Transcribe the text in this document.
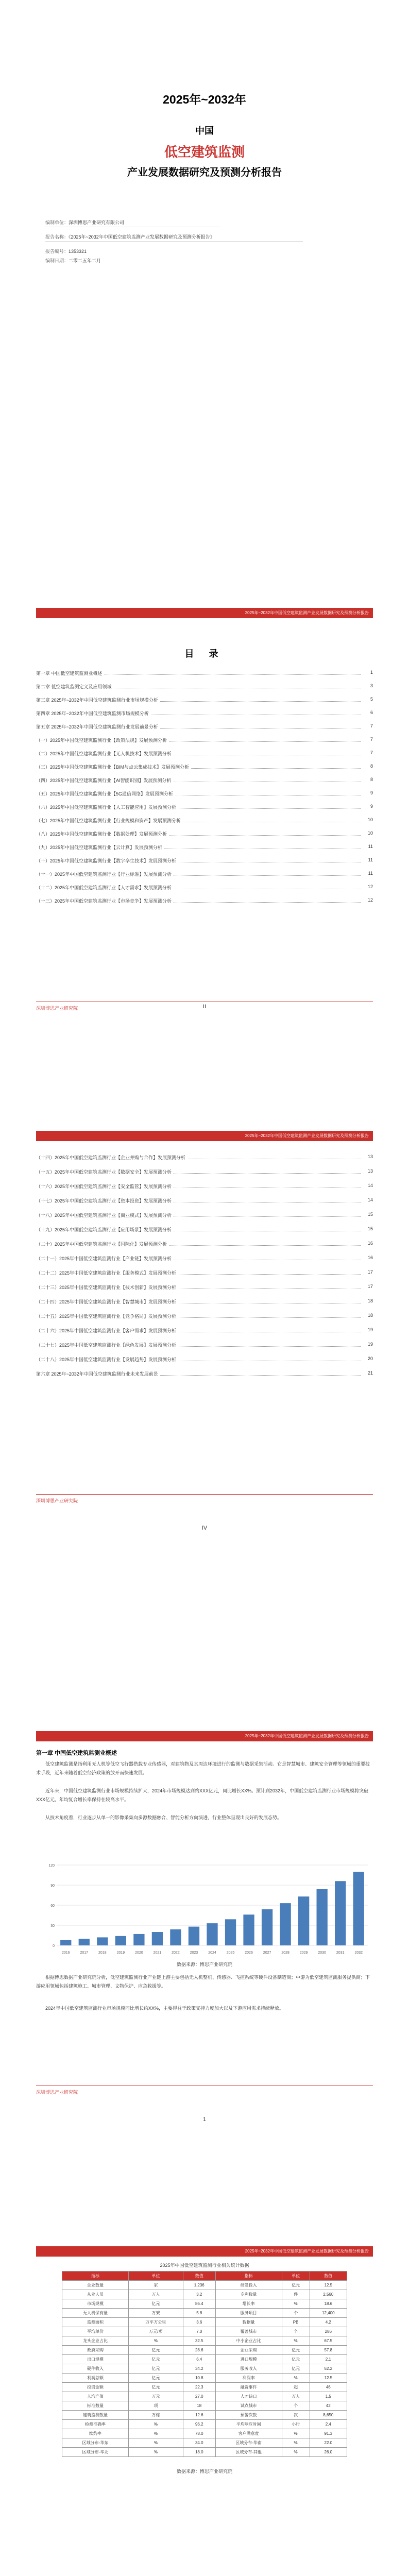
2025年~2032年
中国
低空建筑监测
产业发展数据研究及预测分析报告
编制单位：深圳博思产业研究有限公司
报告名称：《2025年~2032年中国低空建筑监测产业发展数据研究及预测分析报告》
报告编号：1353321
编制日期：二零二五年二月
2025年~2032年中国低空建筑监测产业发展数据研究及预测分析报告
目 录
第一章 中国低空建筑监测业概述	1
第二章 低空建筑监测定义及应用领域	3
第三章 2025年~2032年中国低空建筑监测行业市场规模分析	5
第四章 2025年~2032年中国低空建筑监测市场规模分析	6
第五章 2025年~2032年中国低空建筑监测行业发展前景分析	7
（一）2025年中国低空建筑监测行业【政策法规】发展预测分析	7
（二）2025年中国低空建筑监测行业【无人机技术】发展预测分析	7
（三）2025年中国低空建筑监测行业【BIM与点云集成技术】发展预测分析	8
（四）2025年中国低空建筑监测行业【AI智能识别】发展预测分析	8
（五）2025年中国低空建筑监测行业【5G通信网络】发展预测分析	9
（六）2025年中国低空建筑监测行业【人工智能应用】发展预测分析	9
（七）2025年中国低空建筑监测行业【行业规模和资产】发展预测分析	10
（八）2025年中国低空建筑监测行业【数据处理】发展预测分析	10
（九）2025年中国低空建筑监测行业【云计算】发展预测分析	11
（十）2025年中国低空建筑监测行业【数字孪生技术】发展预测分析	11
（十一）2025年中国低空建筑监测行业【行业标准】发展预测分析	11
（十二）2025年中国低空建筑监测行业【人才需求】发展预测分析	12
（十三）2025年中国低空建筑监测行业【市场竞争】发展预测分析	12
深圳博思产业研究院	II
2025年~2032年中国低空建筑监测产业发展数据研究及预测分析报告
（十四）2025年中国低空建筑监测行业【企业并购与合作】发展预测分析	13
（十五）2025年中国低空建筑监测行业【数据安全】发展预测分析	13
（十六）2025年中国低空建筑监测行业【安全监管】发展预测分析	14
（十七）2025年中国低空建筑监测行业【资本投资】发展预测分析	14
（十八）2025年中国低空建筑监测行业【商业模式】发展预测分析	15
（十九）2025年中国低空建筑监测行业【应用场景】发展预测分析	15
（二十）2025年中国低空建筑监测行业【国际化】发展预测分析	16
（二十一）2025年中国低空建筑监测行业【产业链】发展预测分析	16
（二十二）2025年中国低空建筑监测行业【服务模式】发展预测分析	17
（二十三）2025年中国低空建筑监测行业【技术创新】发展预测分析	17
（二十四）2025年中国低空建筑监测行业【智慧城市】发展预测分析	18
（二十五）2025年中国低空建筑监测行业【竞争格局】发展预测分析	18
（二十六）2025年中国低空建筑监测行业【客户需求】发展预测分析	19
（二十七）2025年中国低空建筑监测行业【绿色发展】发展预测分析	19
（二十八）2025年中国低空建筑监测行业【发展趋势】发展预测分析	20
第六章 2025年~2032年中国低空建筑监测行业未来发展前景	21
深圳博思产业研究院
IV
2025年~2032年中国低空建筑监测产业发展数据研究及预测分析报告
第一章 中国低空建筑监测业概述
低空建筑监测是指利用无人机等低空飞行器搭载专业传感器，对建筑物及其周边环境进行的监测与数据采集活动。它是智慧城市、建筑安全管理等领域的重要技术手段，近年来随着低空经济政策的放开而快速发展。
近年来，中国低空建筑监测行业市场规模持续扩大，2024年市场规模达到约XXX亿元，同比增长XX%。预计到2032年，中国低空建筑监测行业市场规模将突破XXX亿元，年均复合增长率保持在较高水平。
从技术角度看，行业逐步从单一的影像采集向多源数据融合、智能分析方向演进，行业整体呈现出良好的发展态势。
0
30
60
90
120
2016	2017	2018	2019	2020	2021	2022	2023	2024	2025	2026	2027	2028	2029	2030	2031	2032
数据来源：博思产业研究院
根据博思数据产业研究院分析，低空建筑监测行业产业链上游主要包括无人机整机、传感器、飞控系统等硬件设备制造商；中游为低空建筑监测服务提供商；下游应用领域包括建筑施工、城市管理、文物保护、应急救援等。
2024年中国低空建筑监测行业市场规模同比增长约XX%，主要得益于政策支持力度加大以及下游应用需求持续释放。
深圳博思产业研究院
1
2025年~2032年中国低空建筑监测产业发展数据研究及预测分析报告
2025年中国低空建筑监测行业相关统计数据
指标	单位	数值	指标	单位	数值
企业数量	家	1,236	研发投入	亿元	12.5
从业人员	万人	3.2	专利数量	件	2,560
市场规模	亿元	86.4	增长率	%	18.6
无人机保有量	万架	5.8	服务项目	个	12,400
监测面积	万平方公里	3.6	数据量	PB	4.2
平均单价	万元/项	7.0	覆盖城市	个	286
龙头企业占比	%	32.5	中小企业占比	%	67.5
政府采购	亿元	28.6	企业采购	亿元	57.8
出口规模	亿元	6.4	进口规模	亿元	2.1
硬件收入	亿元	34.2	服务收入	亿元	52.2
利润总额	亿元	10.8	利润率	%	12.5
投资金额	亿元	22.3	融资事件	起	46
人均产值	万元	27.0	人才缺口	万人	1.5
标准数量	项	18	试点城市	个	42
建筑监测数量	万栋	12.6	预警次数	次	8,650
检测准确率	%	96.2	平均响应时间	小时	2.4
续约率	%	78.0	客户满意度	%	91.3
区域分布-华东	%	34.0	区域分布-华南	%	22.0
区域分布-华北	%	18.0	区域分布-其他	%	26.0
数据来源：博思产业研究院
